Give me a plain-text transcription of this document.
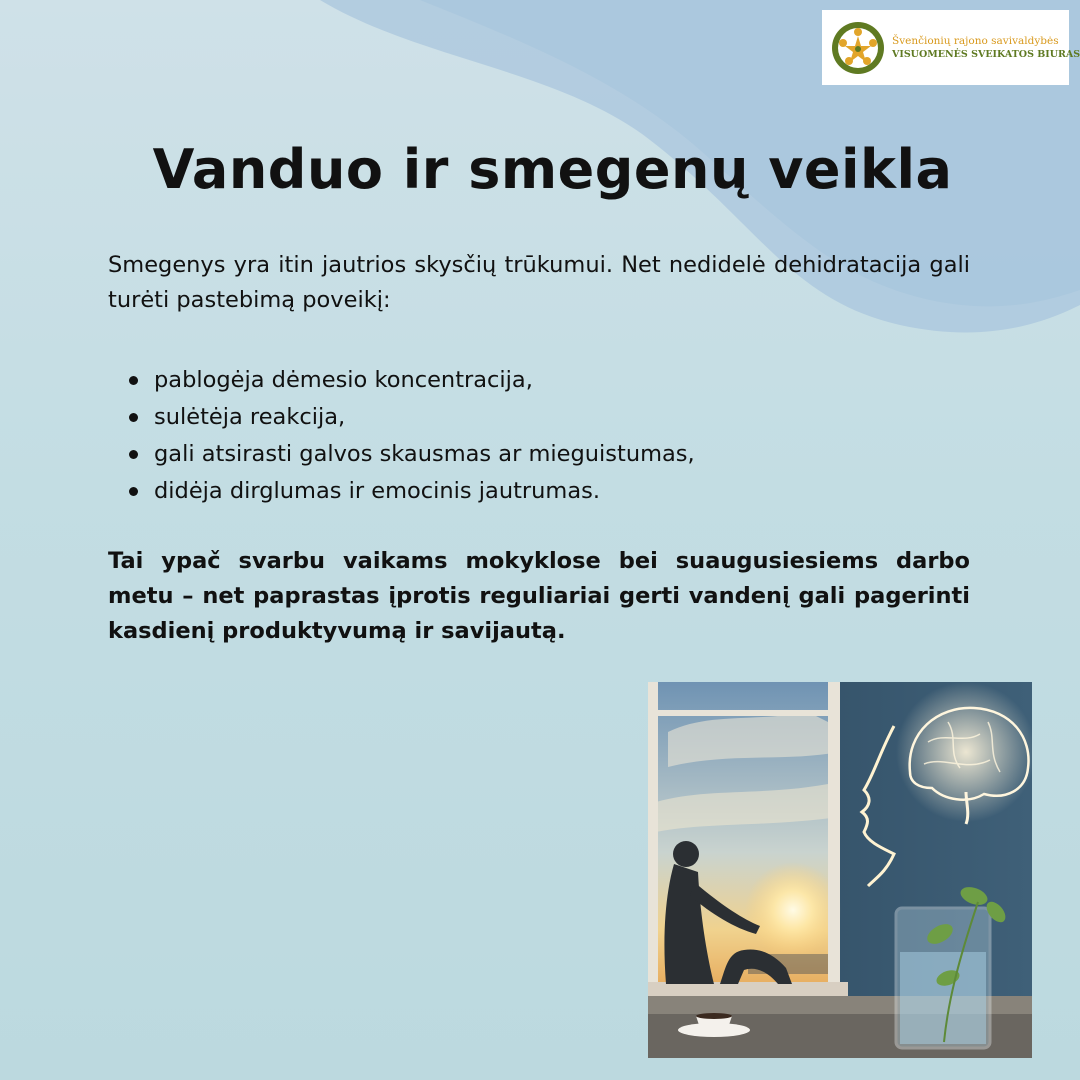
Švenčionių rajono savivaldybės
VISUOMENĖS SVEIKATOS BIURAS
Vanduo ir smegenų veikla

Smegenys yra itin jautrios skysčių trūkumui. Net nedidelė dehidratacija gali turėti pastebimą poveikį:

pablogėja dėmesio koncentracija,
sulėtėja reakcija,
gali atsirasti galvos skausmas ar mieguistumas,
didėja dirglumas ir emocinis jautrumas.

Tai ypač svarbu vaikams mokyklose bei suaugusiesiems darbo metu – net paprastas įprotis reguliariai gerti vandenį gali pagerinti kasdienį produktyvumą ir savijautą.
